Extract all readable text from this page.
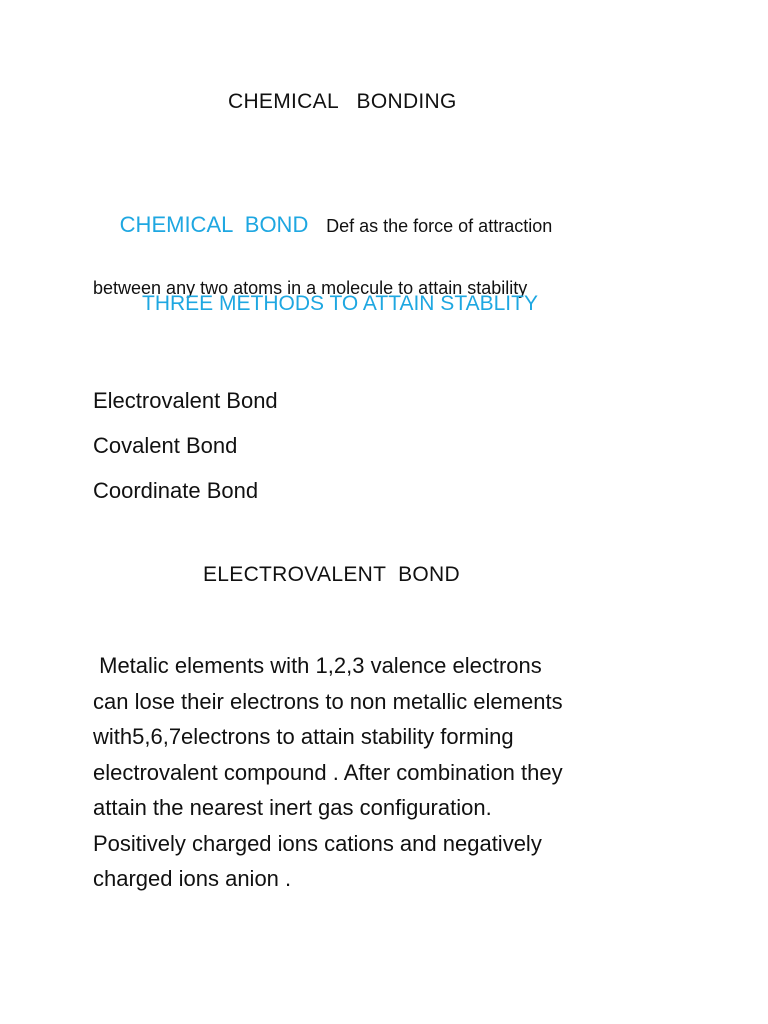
CHEMICAL   BONDING

CHEMICAL  BOND Def as the force of attraction

between any two atoms in a molecule to attain stability
THREE METHODS TO ATTAIN STABLITY
Electrovalent Bond
Covalent Bond
Coordinate Bond
ELECTROVALENT  BOND

Metalic elements with 1,2,3 valence electrons
can lose their electrons to non metallic elements
with5,6,7electrons to attain stability forming
electrovalent compound . After combination they
attain the nearest inert gas configuration.
Positively charged ions cations and negatively
charged ions anion .
